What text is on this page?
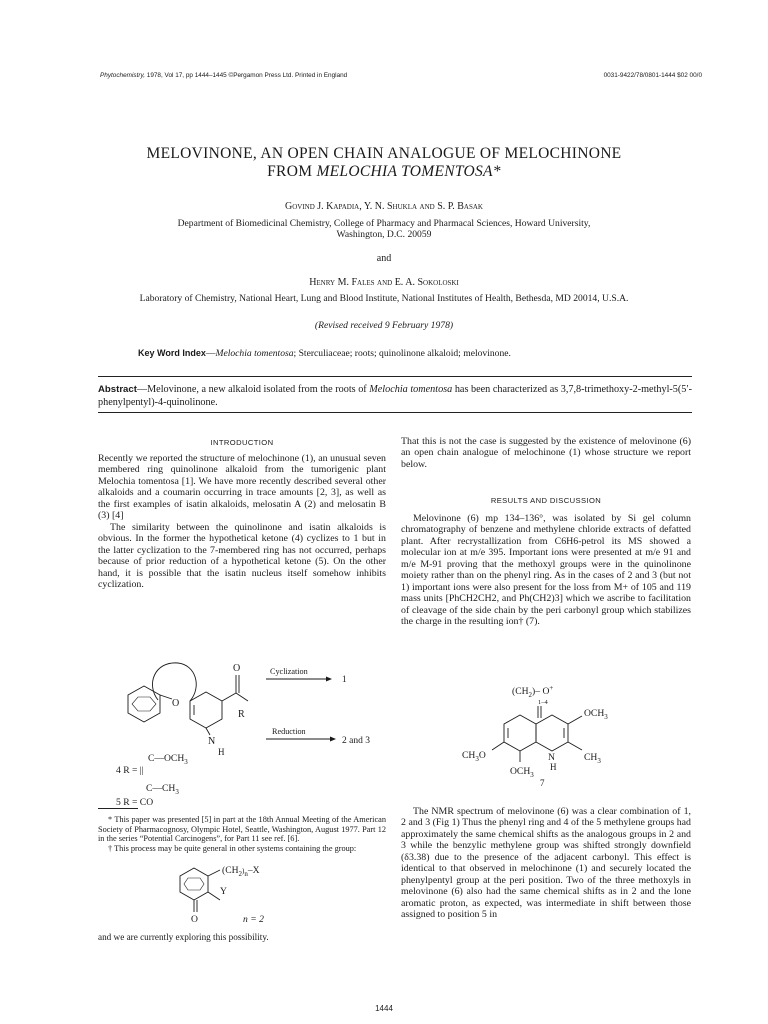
Phytochemistry, 1978, Vol 17, pp 1444–1445 ©Pergamon Press Ltd. Printed in England	0031-9422/78/0801-1444 $02 00/0
MELOVINONE, AN OPEN CHAIN ANALOGUE OF MELOCHINONE
FROM MELOCHIA TOMENTOSA*
Govind J. Kapadia, Y. N. Shukla and S. P. Basak
Department of Biomedicinal Chemistry, College of Pharmacy and Pharmacal Sciences, Howard University,
Washington, D.C. 20059
and
Henry M. Fales and E. A. Sokoloski
Laboratory of Chemistry, National Heart, Lung and Blood Institute, National Institutes of Health, Bethesda, MD 20014, U.S.A.
(Revised received 9 February 1978)
Key Word Index—Melochia tomentosa; Sterculiaceae; roots; quinolinone alkaloid; melovinone.
Abstract—Melovinone, a new alkaloid isolated from the roots of Melochia tomentosa has been characterized as 3,7,8-trimethoxy-2-methyl-5(5′-phenylpentyl)-4-quinolinone.
INTRODUCTION

Recently we reported the structure of melochinone (1), an unusual seven membered ring quinolinone alkaloid from the tumorigenic plant Melochia tomentosa [1]. We have more recently described several other alkaloids and a coumarin occurring in trace amounts [2, 3], as well as the first examples of isatin alkaloids, melosatin A (2) and melosatin B (3) [4]

The similarity between the quinolinone and isatin alkaloids is obvious. In the former the hypothetical ketone (4) cyclizes to 1 but in the latter cyclization to the 7-membered ring has not occurred, perhaps because of prior reduction of a hypothetical ketone (5). On the other hand, it is possible that the isatin nucleus itself somehow inhibits cyclization.

O
O
R
N
H
Cyclization
1
Reduction
2 and 3
$C—OCH_3$
4 R = ||
$C—CH_3$
5 R = CO

* This paper was presented [5] in part at the 18th Annual Meeting of the American Society of Pharmacognosy, Olympic Hotel, Seattle, Washington, August 1977. Part 12 in the series “Potential Carcinogens”, for Part 11 see ref. [6].

† This process may be quite general in other systems containing the group:

($CH_2^)_n-X$
Y
O	n = 2
and we are currently exploring this possibility.

That this is not the case is suggested by the existence of melovinone (6) an open chain analogue of melochinone (1) whose structure we report below.

RESULTS AND DISCUSSION

Melovinone (6) mp 134–136°, was isolated by Si gel column chromatography of benzene and methylene chloride extracts of defatted plant. After recrystallization from C6H6-petrol its MS showed a molecular ion at m/e 395. Important ions were presented at m/e 91 and m/e M-91 proving that the methoxyl groups were in the quinolinone moiety rather than on the phenyl ring. As in the cases of 2 and 3 (but not 1) important ions were also present for the loss from M+ of 105 and 119 mass units [PhCH2CH2, and Ph(CH2)3] which we ascribe to facilitation of cleavage of the side chain by the peri carbonyl group which stabilizes the charge in the resulting ion† (7).

$(CH_2)-$ O+
1–4
$OCH_3$
$CH_3$
$CH_3O$	N
H
$OCH_3$
7

The NMR spectrum of melovinone (6) was a clear combination of 1, 2 and 3 (Fig 1) Thus the phenyl ring and 4 of the 5 methylene groups had approximately the same chemical shifts as the analogous groups in 2 and 3 while the benzylic methylene group was shifted strongly downfield (δ3.38) due to the presence of the adjacent carbonyl. This effect is identical to that observed in melochinone (1) and securely located the phenylpentyl group at the peri position. Two of the three methoxyls in melovinone (6) also had the same chemical shifts as in 2 and the lone aromatic proton, as expected, was intermediate in shift between those assigned to position 5 in

1444
